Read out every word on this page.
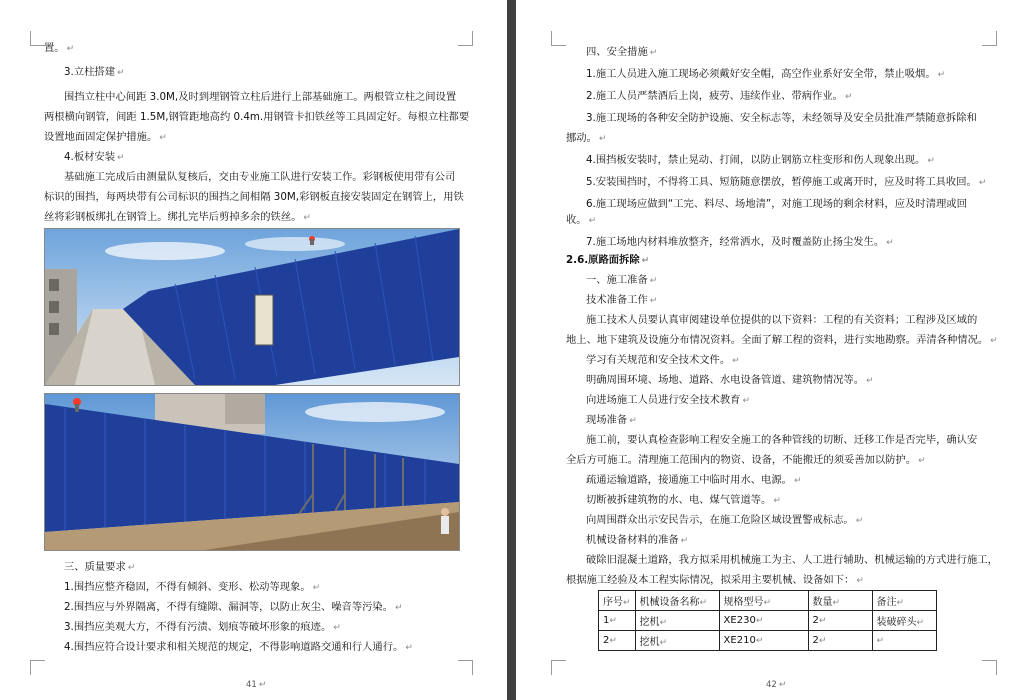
置。 ↵
3.立柱搭建 ↵
围挡立柱中心间距 3.0M,及时到埋钢管立柱后进行上部基础施工。两根管立柱之间设置
两根横向钢管，间距 1.5M,钢管距地高约 0.4m.用钢管卡扣铁丝等工具固定好。每根立柱都要
设置地面固定保护措施。 ↵
4.板材安装 ↵
基础施工完成后由测量队复核后，交由专业施工队进行安装工作。彩钢板使用带有公司
标识的围挡，每两块带有公司标识的围挡之间相隔 30M,彩钢板直接安装固定在钢管上，用铁
丝将彩钢板绑扎在钢管上。绑扎完毕后剪掉多余的铁丝。 ↵
三、质量要求 ↵
1.围挡应整齐稳固，不得有倾斜、变形、松动等现象。 ↵
2.围挡应与外界隔离，不得有缝隙、漏洞等，以防止灰尘、噪音等污染。 ↵
3.围挡应美观大方，不得有污渍、划痕等破坏形象的痕迹。 ↵
4.围挡应符合设计要求和相关规范的规定，不得影响道路交通和行人通行。 ↵
41 ↵
四、安全措施 ↵
1.施工人员进入施工现场必须戴好安全帽，高空作业系好安全带，禁止吸烟。 ↵
2.施工人员严禁酒后上岗，疲劳、违续作业、带病作业。 ↵
3.施工现场的各种安全防护设施、安全标志等，未经领导及安全员批准严禁随意拆除和
挪动。 ↵
4.围挡板安装时，禁止晃动、打闹，以防止钢筋立柱变形和伤人现象出现。 ↵
5.安装围挡时，不得将工具、短筋随意摆放，暂停施工或离开时，应及时将工具收回。 ↵
6.施工现场应做到“工完、料尽、场地清”，对施工现场的剩余材料，应及时清理或回
收。 ↵
7.施工场地内材料堆放整齐，经常洒水，及时覆盖防止扬尘发生。 ↵
2.6.原路面拆除 ↵
一、施工准备 ↵
技术准备工作 ↵
施工技术人员要认真审阅建设单位提供的以下资料：工程的有关资料；工程涉及区域的
地上、地下建筑及设施分布情况资料。全面了解工程的资料，进行实地勘察。弄清各种情况。 ↵
学习有关规范和安全技术文件。 ↵
明确周围环境、场地、道路、水电设备管道、建筑物情况等。 ↵
向进场施工人员进行安全技术教育 ↵
现场准备 ↵
施工前，要认真检查影响工程安全施工的各种管线的切断、迁移工作是否完毕，确认安
全后方可施工。清理施工范围内的物资、设备，不能搬迁的须妥善加以防护。 ↵
疏通运输道路，接通施工中临时用水、电源。 ↵
切断被拆建筑物的水、电、煤气管道等。 ↵
向周围群众出示安民告示，在施工危险区域设置警戒标志。 ↵
机械设备材料的准备 ↵
破除旧混凝土道路，我方拟采用机械施工为主、人工进行辅助、机械运输的方式进行施工，
根据施工经验及本工程实际情况，拟采用主要机械、设备如下： ↵
序号↵	机械设备名称↵	规格型号↵	数量↵	备注↵
1↵	挖机↵	XE230↵	2↵	装破碎头↵
2↵	挖机↵	XE210↵	2↵	↵
42 ↵
